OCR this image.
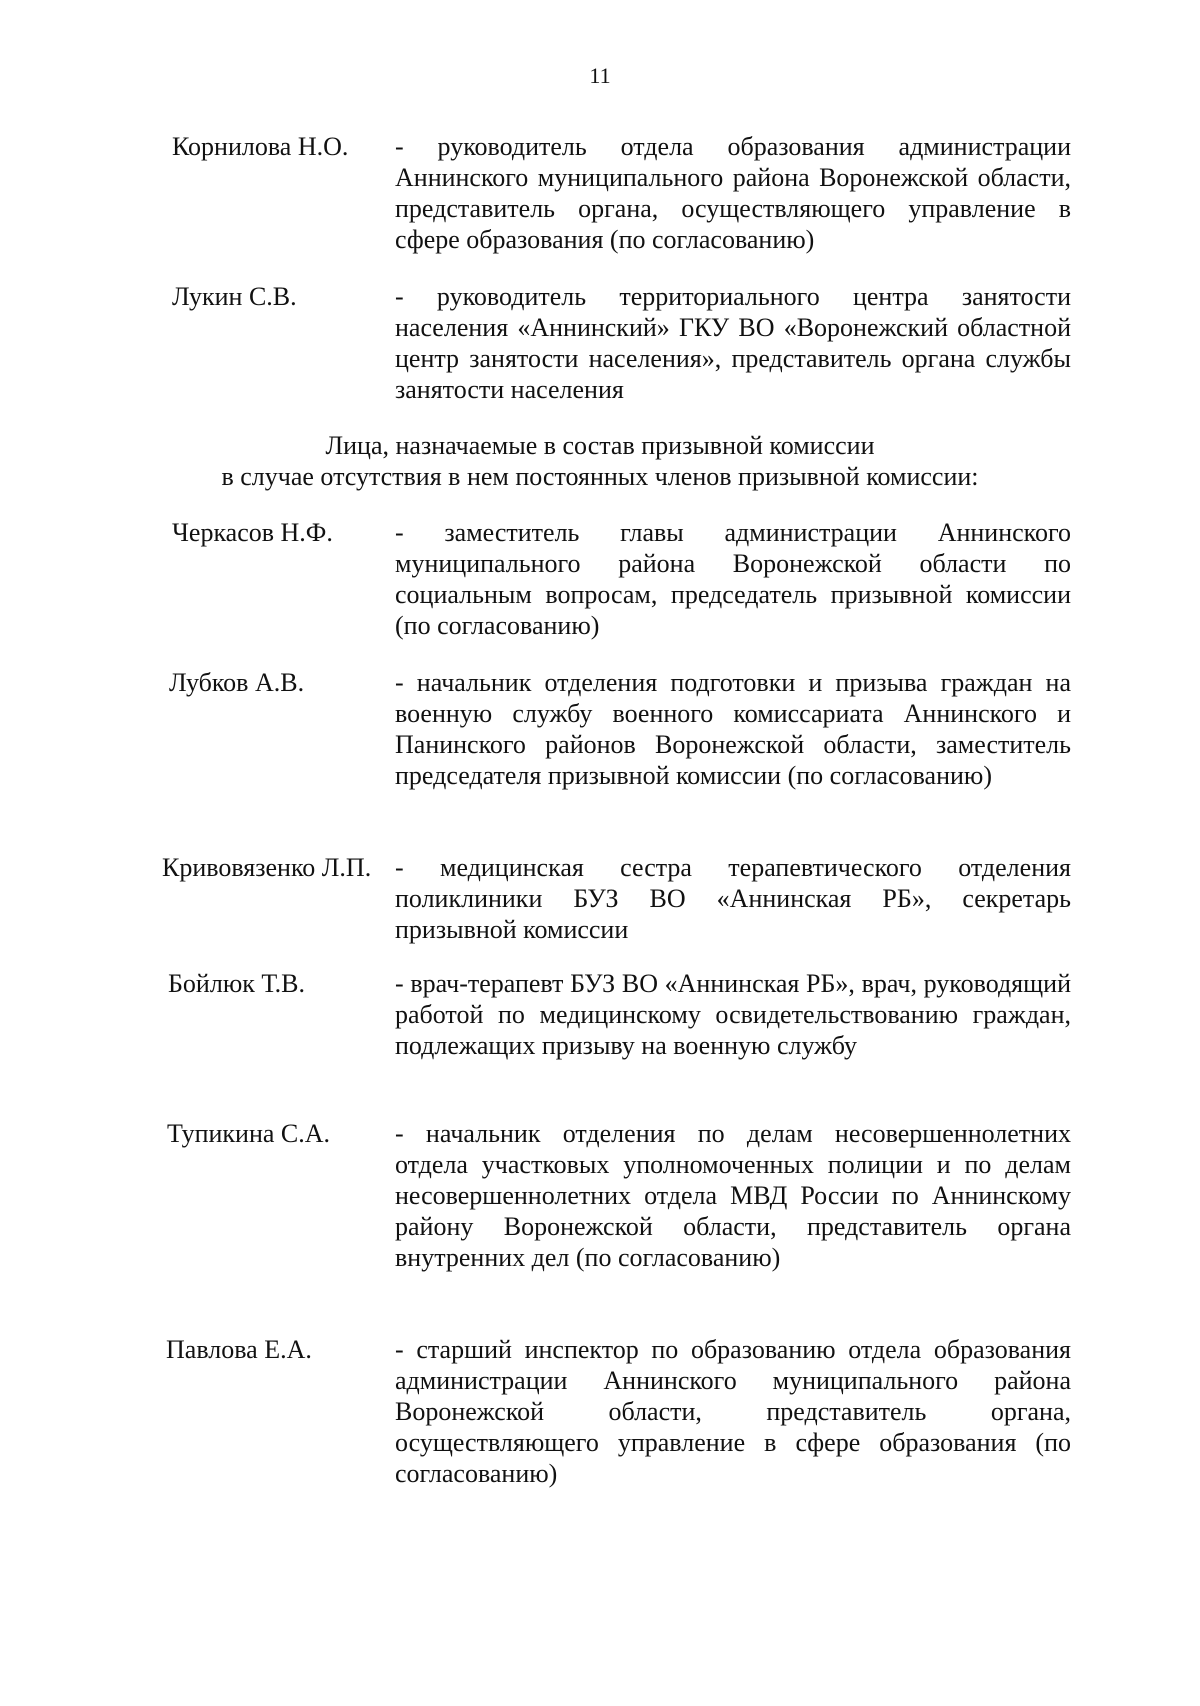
11
Корнилова Н.О. - руководитель отдела образования администрации Аннинского муниципального района Воронежской области, представитель органа, осуществляющего управление в сфере образования (по согласованию)
Лукин С.В.	- руководитель территориального центра занятости населения «Аннинский» ГКУ ВО «Воронежский областной центр занятости населения», представитель органа службы занятости населения
Лица, назначаемые в состав призывной комиссии
в случае отсутствия в нем постоянных членов призывной комиссии:
Черкасов Н.Ф. - заместитель главы администрации Аннинского муниципального района Воронежской области по социальным вопросам, председатель призывной комиссии (по согласованию)
Лубков А.В.	- начальник отделения подготовки и призыва граждан на военную службу военного комиссариата Аннинского и Панинского районов Воронежской области, заместитель председателя призывной комиссии (по согласованию)
Кривовязенко Л.П. - медицинская сестра терапевтического отделения поликлиники БУЗ ВО «Аннинская РБ», секретарь призывной комиссии
Бойлюк Т.В.	- врач-терапевт БУЗ ВО «Аннинская РБ», врач, руководящий работой по медицинскому освидетельствованию граждан, подлежащих призыву на военную службу
Тупикина С.А. - начальник отделения по делам несовершеннолетних отдела участковых уполномоченных полиции и по делам несовершеннолетних отдела МВД России по Аннинскому району Воронежской области, представитель органа внутренних дел (по согласованию)
Павлова Е.А.	- старший инспектор по образованию отдела образования администрации Аннинского муниципального района Воронежской области, представитель органа, осуществляющего управление в сфере образования (по согласованию)
